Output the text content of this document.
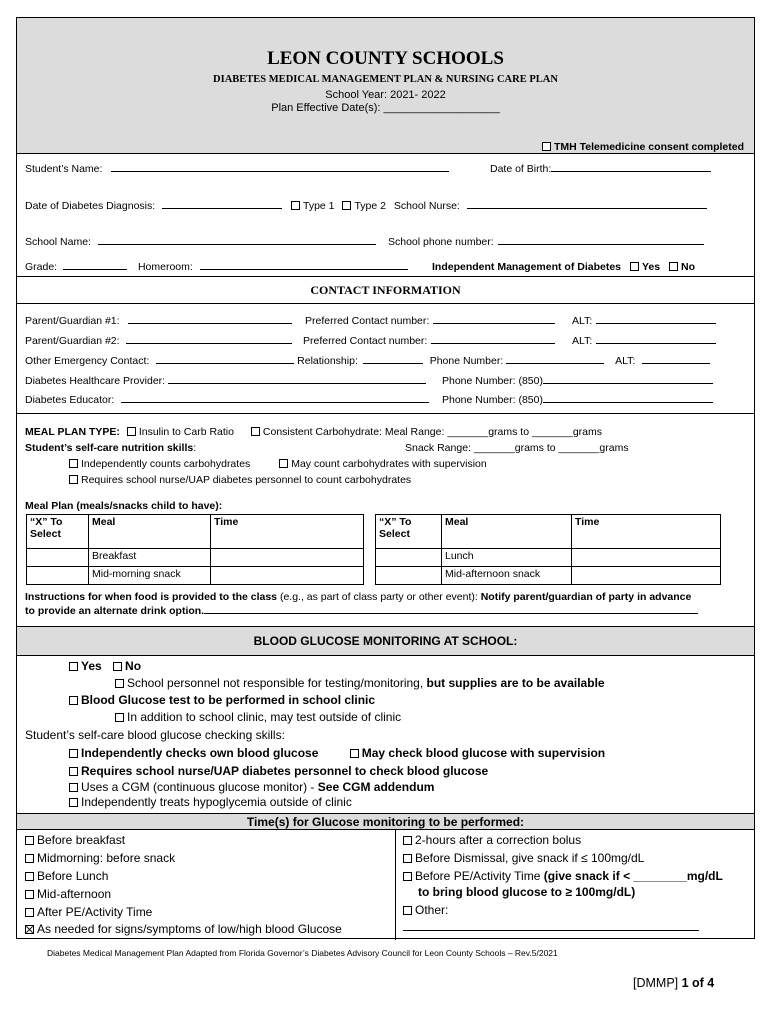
LEON COUNTY SCHOOLS
DIABETES MEDICAL MANAGEMENT PLAN & NURSING CARE PLAN
School Year: 2021- 2022
Plan Effective Date(s): ___________________
TMH Telemedicine consent completed
Student’s Name:	Date of Birth:
Date of Diabetes Diagnosis:	Type 1 Type 2 School Nurse:
School Name:	School phone number:
Grade:	Homeroom:	Independent Management of Diabetes Yes No
CONTACT INFORMATION
Parent/Guardian #1:	Preferred Contact number:	ALT:
Parent/Guardian #2:	Preferred Contact number:	ALT:
Other Emergency Contact:	Relationship:	Phone Number:	ALT:
Diabetes Healthcare Provider:	Phone Number: (850)
Diabetes Educator:	Phone Number: (850)
MEAL PLAN TYPE: Insulin to Carb Ratio	Consistent Carbohydrate: Meal Range: _______grams to _______grams
Student’s self-care nutrition skills:	Snack Range: _______grams to _______grams
Independently counts carbohydrates	May count carbohydrates with supervision
Requires school nurse/UAP diabetes personnel to count carbohydrates
Meal Plan (meals/snacks child to have):
“X” To Select	Meal	Time
	Breakfast	
	Mid-morning snack	
“X” To Select	Meal	Time
	Lunch	
	Mid-afternoon snack	
Instructions for when food is provided to the class (e.g., as part of class party or other event): Notify parent/guardian of party in advance
to provide an alternate drink option.
BLOOD GLUCOSE MONITORING AT SCHOOL:
Yes No
School personnel not responsible for testing/monitoring, but supplies are to be available
Blood Glucose test to be performed in school clinic
In addition to school clinic, may test outside of clinic
Student’s self-care blood glucose checking skills:
Independently checks own blood glucose	May check blood glucose with supervision
Requires school nurse/UAP diabetes personnel to check blood glucose
Uses a CGM (continuous glucose monitor) - See CGM addendum
Independently treats hypoglycemia outside of clinic
Time(s) for Glucose monitoring to be performed:
Before breakfast
Midmorning: before snack
Before Lunch
Mid-afternoon
After PE/Activity Time
As needed for signs/symptoms of low/high blood Glucose
2-hours after a correction bolus
Before Dismissal, give snack if ≤ 100mg/dL
Before PE/Activity Time (give snack if < ________mg/dL
to bring blood glucose to ≥ 100mg/dL)
Other:
Diabetes Medical Management Plan Adapted from Florida Governor’s Diabetes Advisory Council for Leon County Schools – Rev.5/2021
[DMMP] 1 of 4
